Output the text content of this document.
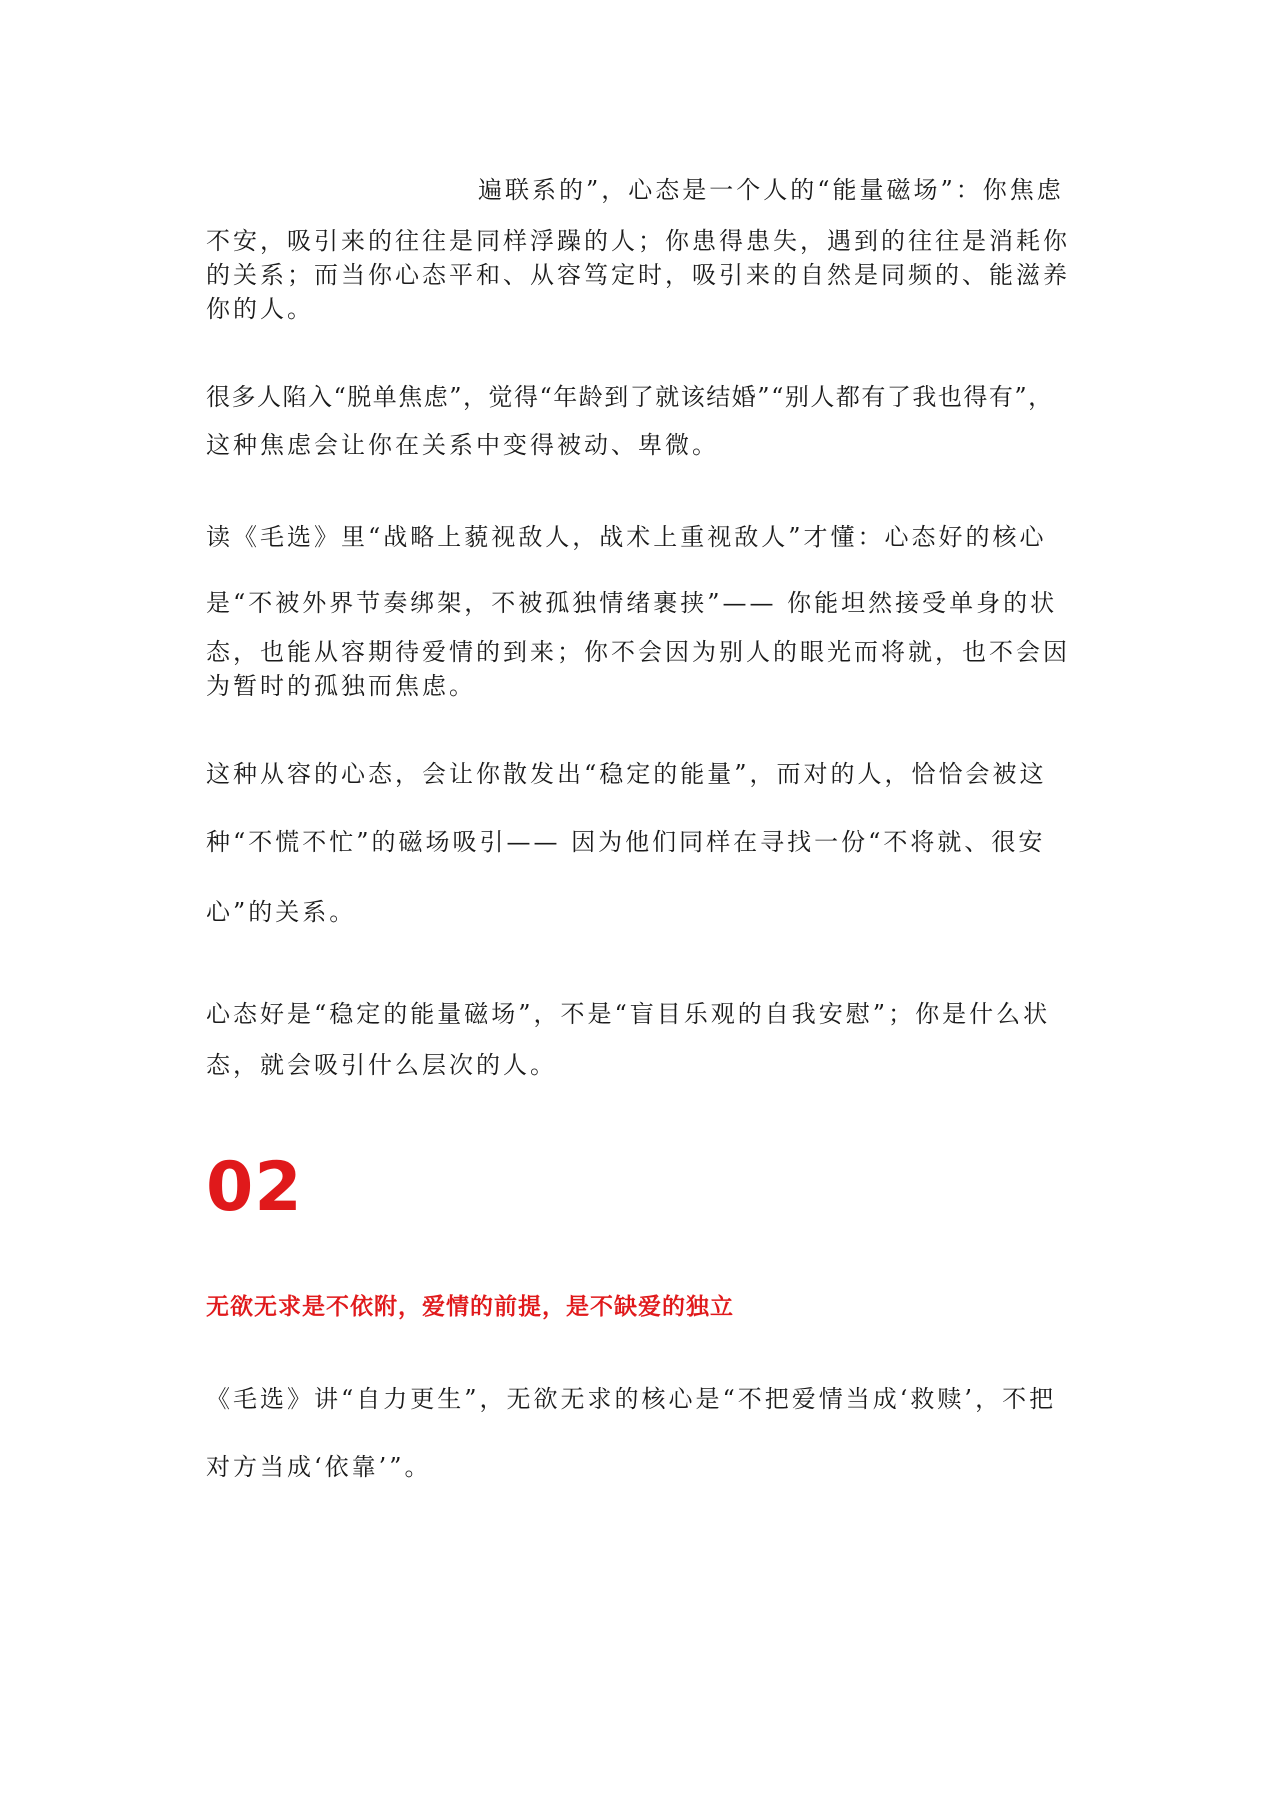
遍联系的”，心态是一个人的“能量磁场”：你焦虑
不安，吸引来的往往是同样浮躁的人；你患得患失，遇到的往往是消耗你
的关系；而当你心态平和、从容笃定时，吸引来的自然是同频的、能滋养
你的人。
很多人陷入“脱单焦虑”，觉得“年龄到了就该结婚”“别人都有了我也得有”，
这种焦虑会让你在关系中变得被动、卑微。
读《毛选》里“战略上藐视敌人，战术上重视敌人”才懂：心态好的核心
是“不被外界节奏绑架，不被孤独情绪裹挟”—— 你能坦然接受单身的状
态，也能从容期待爱情的到来；你不会因为别人的眼光而将就，也不会因
为暂时的孤独而焦虑。
这种从容的心态，会让你散发出“稳定的能量”，而对的人，恰恰会被这
种“不慌不忙”的磁场吸引—— 因为他们同样在寻找一份“不将就、很安
心”的关系。
心态好是“稳定的能量磁场”，不是“盲目乐观的自我安慰”；你是什么状
态，就会吸引什么层次的人。
02
无欲无求是不依附，爱情的前提，是不缺爱的独立
《毛选》讲“自力更生”，无欲无求的核心是“不把爱情当成‘救赎’，不把
对方当成‘依靠’”。
